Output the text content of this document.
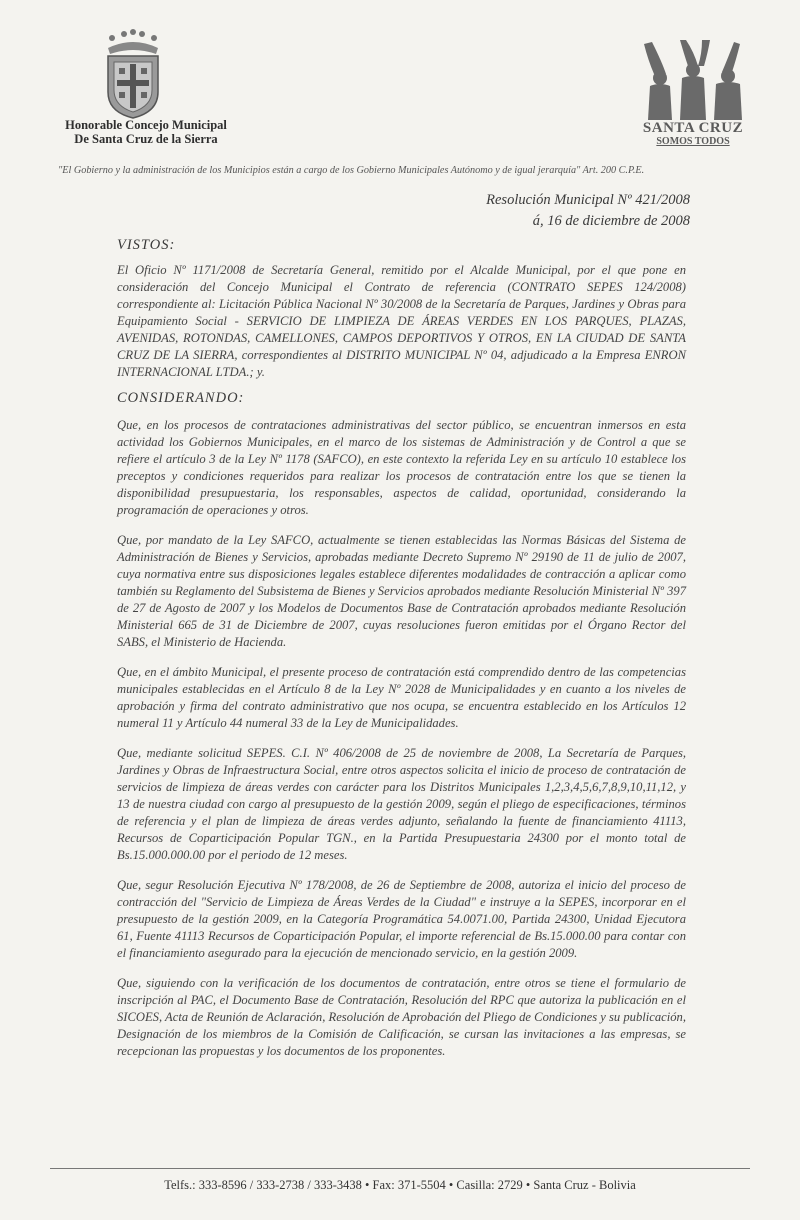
Honorable Concejo Municipal
De Santa Cruz de la Sierra
SANTA CRUZ
SOMOS TODOS
"El Gobierno y la administración de los Municipios están a cargo de los Gobierno Municipales Autónomo y de igual jerarquía" Art. 200 C.P.E.
Resolución Municipal Nº 421/2008
á, 16 de diciembre de 2008
VISTOS:

El Oficio Nº 1171/2008 de Secretaría General, remitido por el Alcalde Municipal, por el que pone en consideración del Concejo Municipal el Contrato de referencia (CONTRATO SEPES 124/2008) correspondiente al: Licitación Pública Nacional Nº 30/2008 de la Secretaría de Parques, Jardines y Obras para Equipamiento Social - SERVICIO DE LIMPIEZA DE ÁREAS VERDES EN LOS PARQUES, PLAZAS, AVENIDAS, ROTONDAS, CAMELLONES, CAMPOS DEPORTIVOS Y OTROS, EN LA CIUDAD DE SANTA CRUZ DE LA SIERRA, correspondientes al DISTRITO MUNICIPAL Nº 04, adjudicado a la Empresa ENRON INTERNACIONAL LTDA.; y.

CONSIDERANDO:

Que, en los procesos de contrataciones administrativas del sector público, se encuentran inmersos en esta actividad los Gobiernos Municipales, en el marco de los sistemas de Administración y de Control a que se refiere el artículo 3 de la Ley Nº 1178 (SAFCO), en este contexto la referida Ley en su artículo 10 establece los preceptos y condiciones requeridos para realizar los procesos de contratación entre los que se tienen la disponibilidad presupuestaria, los responsables, aspectos de calidad, oportunidad, considerando la programación de operaciones y otros.

Que, por mandato de la Ley SAFCO, actualmente se tienen establecidas las Normas Básicas del Sistema de Administración de Bienes y Servicios, aprobadas mediante Decreto Supremo Nº 29190 de 11 de julio de 2007, cuya normativa entre sus disposiciones legales establece diferentes modalidades de contracción a aplicar como también su Reglamento del Subsistema de Bienes y Servicios aprobados mediante Resolución Ministerial Nº 397 de 27 de Agosto de 2007 y los Modelos de Documentos Base de Contratación aprobados mediante Resolución Ministerial 665 de 31 de Diciembre de 2007, cuyas resoluciones fueron emitidas por el Órgano Rector del SABS, el Ministerio de Hacienda.

Que, en el ámbito Municipal, el presente proceso de contratación está comprendido dentro de las competencias municipales establecidas en el Artículo 8 de la Ley Nº 2028 de Municipalidades y en cuanto a los niveles de aprobación y firma del contrato administrativo que nos ocupa, se encuentra establecido en los Artículos 12 numeral 11 y Artículo 44 numeral 33 de la Ley de Municipalidades.

Que, mediante solicitud SEPES. C.I. Nº 406/2008 de 25 de noviembre de 2008, La Secretaría de Parques, Jardines y Obras de Infraestructura Social, entre otros aspectos solicita el inicio de proceso de contratación de servicios de limpieza de áreas verdes con carácter para los Distritos Municipales 1,2,3,4,5,6,7,8,9,10,11,12, y 13 de nuestra ciudad con cargo al presupuesto de la gestión 2009, según el pliego de especificaciones, términos de referencia y el plan de limpieza de áreas verdes adjunto, señalando la fuente de financiamiento 41113, Recursos de Coparticipación Popular TGN., en la Partida Presupuestaria 24300 por el monto total de Bs.15.000.000.00 por el periodo de 12 meses.

Que, segur Resolución Ejecutiva Nº 178/2008, de 26 de Septiembre de 2008, autoriza el inicio del proceso de contracción del "Servicio de Limpieza de Áreas Verdes de la Ciudad" e instruye a la SEPES, incorporar en el presupuesto de la gestión 2009, en la Categoría Programática 54.0071.00, Partida 24300, Unidad Ejecutora 61, Fuente 41113 Recursos de Coparticipación Popular, el importe referencial de Bs.15.000.00 para contar con el financiamiento asegurado para la ejecución de mencionado servicio, en la gestión 2009.

Que, siguiendo con la verificación de los documentos de contratación, entre otros se tiene el formulario de inscripción al PAC, el Documento Base de Contratación, Resolución del RPC que autoriza la publicación en el SICOES, Acta de Reunión de Aclaración, Resolución de Aprobación del Pliego de Condiciones y su publicación, Designación de los miembros de la Comisión de Calificación, se cursan las invitaciones a las empresas, se recepcionan las propuestas y los documentos de los proponentes.

Telfs.: 333-8596 / 333-2738 / 333-3438 • Fax: 371-5504 • Casilla: 2729 • Santa Cruz - Bolivia
